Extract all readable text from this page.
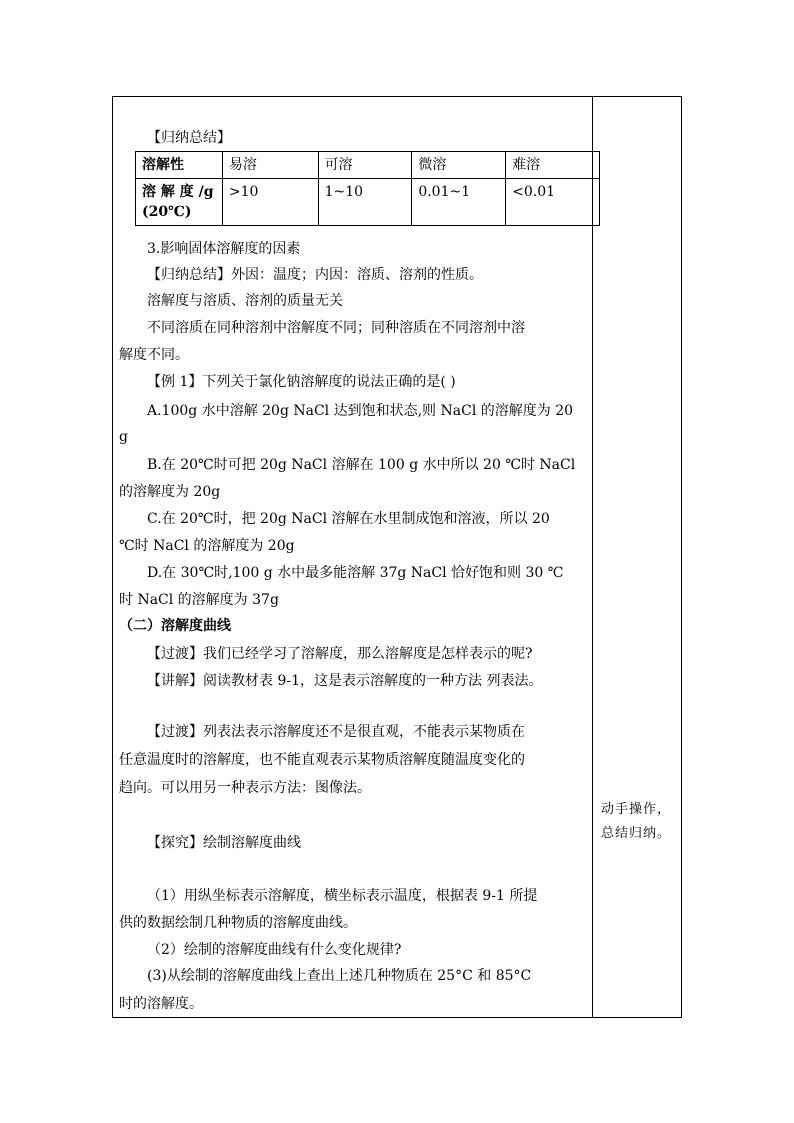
【归纳总结】
溶解性	易溶	可溶	微溶	难溶

溶 解 度 /g
(20℃)	>10	1~10	0.01~1	<0.01
3.影响固体溶解度的因素
【归纳总结】外因：温度；内因：溶质、溶剂的性质。
溶解度与溶质、溶剂的质量无关
不同溶质在同种溶剂中溶解度不同；同种溶质在不同溶剂中溶
解度不同。
【例 1】下列关于氯化钠溶解度的说法正确的是( )
A.100g 水中溶解 20g NaCl 达到饱和状态,则 NaCl 的溶解度为 20
g
B.在 20℃时可把 20g NaCl 溶解在 100 g 水中所以 20 ℃时 NaCl
的溶解度为 20g
C.在 20℃时，把 20g NaCl 溶解在水里制成饱和溶液，所以 20
℃时 NaCl 的溶解度为 20g
D.在 30℃时,100 g 水中最多能溶解 37g NaCl 恰好饱和则 30 ℃
时 NaCl 的溶解度为 37g
（二）溶解度曲线
【过渡】我们已经学习了溶解度，那么溶解度是怎样表示的呢?
【讲解】阅读教材表 9-1，这是表示溶解度的一种方法 列表法。
【过渡】列表法表示溶解度还不是很直观，不能表示某物质在
任意温度时的溶解度，也不能直观表示某物质溶解度随温度变化的
趋向。可以用另一种表示方法：图像法。
【探究】绘制溶解度曲线
（1）用纵坐标表示溶解度，横坐标表示温度，根据表 9-1 所提
供的数据绘制几种物质的溶解度曲线。
（2）绘制的溶解度曲线有什么变化规律?
(3)从绘制的溶解度曲线上查出上述几种物质在 25°C 和 85°C
时的溶解度。
动手操作，
总结归纳。
